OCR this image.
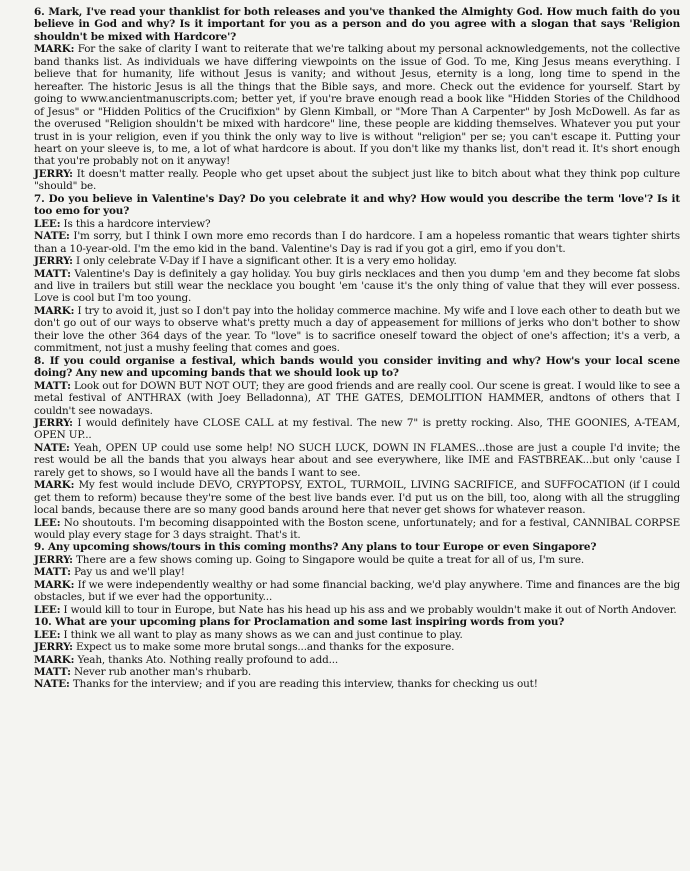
6. Mark, I've read your thanklist for both releases and you've thanked the Almighty God. How much faith do you believe in God and why? Is it important for you as a person and do you agree with a slogan that says 'Religion shouldn't be mixed with Hardcore'?

MARK: For the sake of clarity I want to reiterate that we're talking about my personal acknowledgements, not the collective band thanks list. As individuals we have differing viewpoints on the issue of God. To me, King Jesus means everything. I believe that for humanity, life without Jesus is vanity; and without Jesus, eternity is a long, long time to spend in the hereafter. The historic Jesus is all the things that the Bible says, and more. Check out the evidence for yourself. Start by going to www.ancientmanuscripts.com; better yet, if you're brave enough read a book like "Hidden Stories of the Childhood of Jesus" or "Hidden Politics of the Crucifixion" by Glenn Kimball, or "More Than A Carpenter" by Josh McDowell. As far as the overused "Religion shouldn't be mixed with hardcore" line, these people are kidding themselves. Whatever you put your trust in is your religion, even if you think the only way to live is without "religion" per se; you can't escape it. Putting your heart on your sleeve is, to me, a lot of what hardcore is about. If you don't like my thanks list, don't read it. It's short enough that you're probably not on it anyway!

JERRY: It doesn't matter really. People who get upset about the subject just like to bitch about what they think pop culture "should" be.

7. Do you believe in Valentine's Day? Do you celebrate it and why? How would you describe the term 'love'? Is it too emo for you?

LEE: Is this a hardcore interview?

NATE: I'm sorry, but I think I own more emo records than I do hardcore. I am a hopeless romantic that wears tighter shirts than a 10-year-old. I'm the emo kid in the band. Valentine's Day is rad if you got a girl, emo if you don't.

JERRY: I only celebrate V-Day if I have a significant other. It is a very emo holiday.

MATT: Valentine's Day is definitely a gay holiday. You buy girls necklaces and then you dump 'em and they become fat slobs and live in trailers but still wear the necklace you bought 'em 'cause it's the only thing of value that they will ever possess. Love is cool but I'm too young.

MARK: I try to avoid it, just so I don't pay into the holiday commerce machine. My wife and I love each other to death but we don't go out of our ways to observe what's pretty much a day of appeasement for millions of jerks who don't bother to show their love the other 364 days of the year. To "love" is to sacrifice oneself toward the object of one's affection; it's a verb, a commitment, not just a mushy feeling that comes and goes.

8. If you could organise a festival, which bands would you consider inviting and why? How's your local scene doing? Any new and upcoming bands that we should look up to?

MATT: Look out for DOWN BUT NOT OUT; they are good friends and are really cool. Our scene is great. I would like to see a metal festival of ANTHRAX (with Joey Belladonna), AT THE GATES, DEMOLITION HAMMER, andtons of others that I couldn't see nowadays.

JERRY: I would definitely have CLOSE CALL at my festival. The new 7" is pretty rocking. Also, THE GOONIES, A-TEAM, OPEN UP...

NATE: Yeah, OPEN UP could use some help! NO SUCH LUCK, DOWN IN FLAMES...those are just a couple I'd invite; the rest would be all the bands that you always hear about and see everywhere, like IME and FASTBREAK...but only 'cause I rarely get to shows, so I would have all the bands I want to see.

MARK: My fest would include DEVO, CRYPTOPSY, EXTOL, TURMOIL, LIVING SACRIFICE, and SUFFOCATION (if I could get them to reform) because they're some of the best live bands ever. I'd put us on the bill, too, along with all the struggling local bands, because there are so many good bands around here that never get shows for whatever reason.

LEE: No shoutouts. I'm becoming disappointed with the Boston scene, unfortunately; and for a festival, CANNIBAL CORPSE would play every stage for 3 days straight. That's it.

9. Any upcoming shows/tours in this coming months? Any plans to tour Europe or even Singapore?

JERRY: There are a few shows coming up. Going to Singapore would be quite a treat for all of us, I'm sure.

MATT: Pay us and we'll play!

MARK: If we were independently wealthy or had some financial backing, we'd play anywhere. Time and finances are the big obstacles, but if we ever had the opportunity...

LEE: I would kill to tour in Europe, but Nate has his head up his ass and we probably wouldn't make it out of North Andover.

10. What are your upcoming plans for Proclamation and some last inspiring words from you?

LEE: I think we all want to play as many shows as we can and just continue to play.

JERRY: Expect us to make some more brutal songs...and thanks for the exposure.

MARK: Yeah, thanks Ato. Nothing really profound to add...

MATT: Never rub another man's rhubarb.

NATE: Thanks for the interview; and if you are reading this interview, thanks for checking us out!
